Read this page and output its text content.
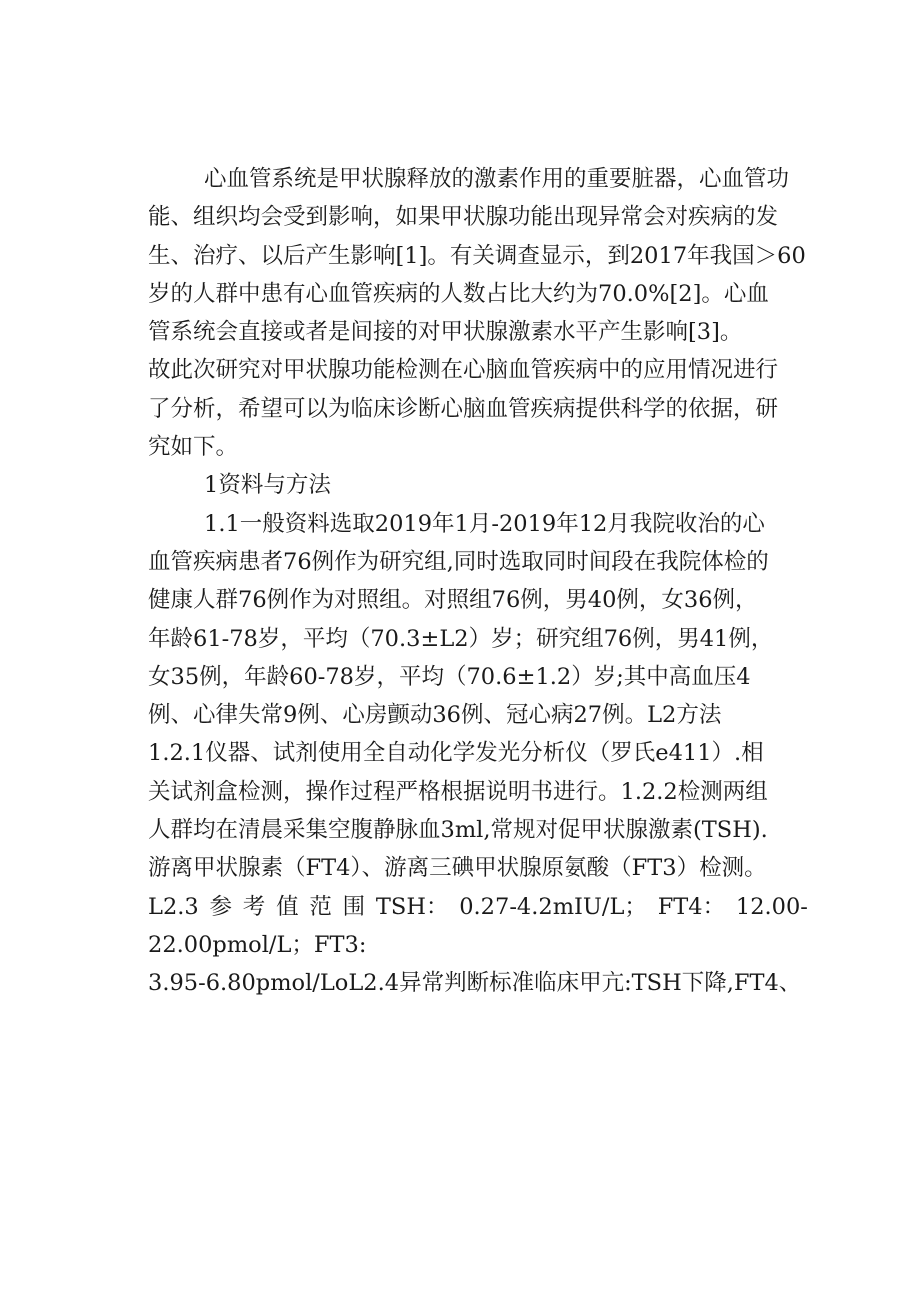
心血管系统是甲状腺释放的激素作用的重要脏器，心血管功
能、组织均会受到影响，如果甲状腺功能出现异常会对疾病的发
生、治疗、以后产生影响[1]。有关调查显示，到2017年我国＞60
岁的人群中患有心血管疾病的人数占比大约为70.0%[2]。心血
管系统会直接或者是间接的对甲状腺激素水平产生影响[3]。
故此次研究对甲状腺功能检测在心脑血管疾病中的应用情况进行
了分析，希望可以为临床诊断心脑血管疾病提供科学的依据，研
究如下。
1资料与方法
1.1一般资料选取2019年1月-2019年12月我院收治的心
血管疾病患者76例作为研究组,同时选取同时间段在我院体检的
健康人群76例作为对照组。对照组76例，男40例，女36例，
年龄61-78岁，平均（70.3±L2）岁；研究组76例，男41例，
女35例，年龄60-78岁，平均（70.6±1.2）岁;其中高血压4
例、心律失常9例、心房颤动36例、冠心病27例。L2方法
1.2.1仪器、试剂使用全自动化学发光分析仪（罗氏e411）.相
关试剂盒检测，操作过程严格根据说明书进行。1.2.2检测两组
人群均在清晨采集空腹静脉血3ml,常规对促甲状腺激素(TSH).
游离甲状腺素（FT4）、游离三碘甲状腺原氨酸（FT3）检测。
L2.3 参 考 值 范 围 TSH： 0.27-4.2mIU/L； FT4： 12.00-
22.00pmol/L；FT3:
3.95-6.80pmol/LoL2.4异常判断标准临床甲亢:TSH下降,FT4、
